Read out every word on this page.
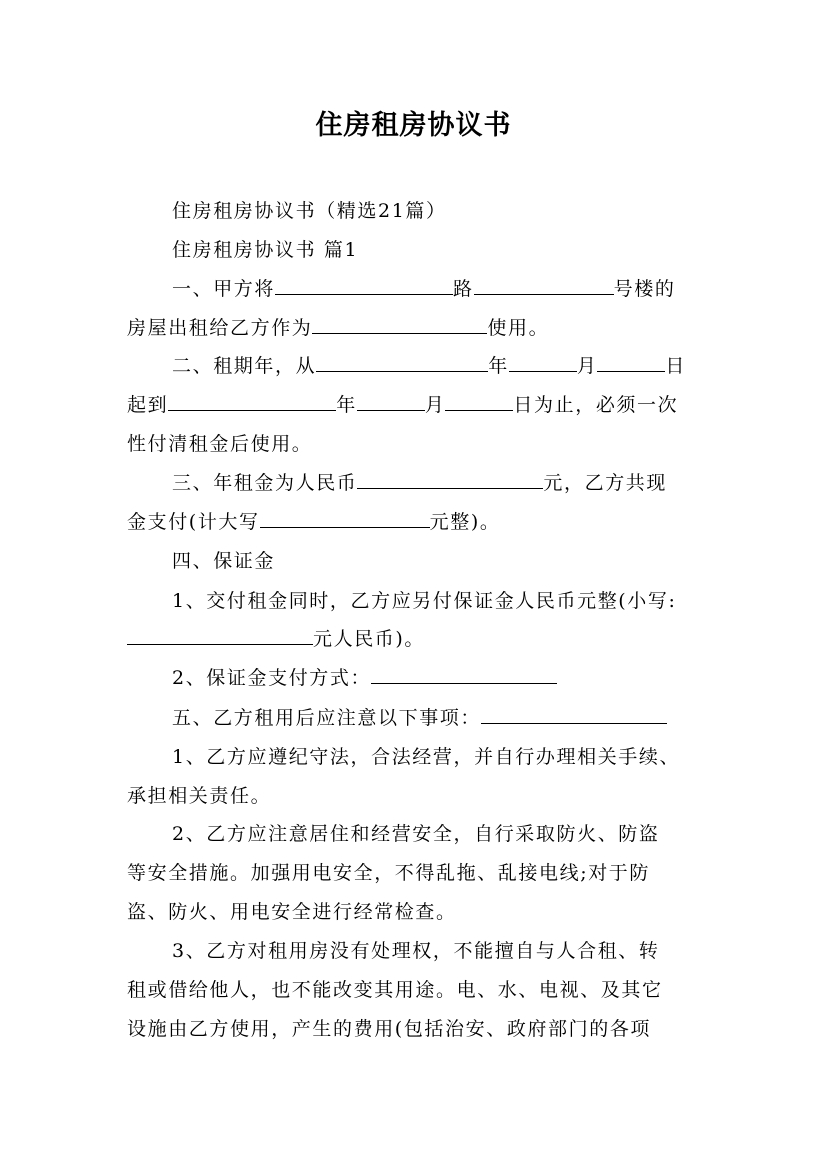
住房租房协议书
住房租房协议书（精选21篇）
住房租房协议书 篇1
一、甲方将	路	号楼的
房屋出租给乙方作为	使用。
二、租期年，从	年	月	日
起到	年	月	日为止，必须一次
性付清租金后使用。
三、年租金为人民币	元，乙方共现
金支付(计大写	元整)。
四、保证金
1、交付租金同时，乙方应另付保证金人民币元整(小写:
元人民币)。
2、保证金支付方式：
五、乙方租用后应注意以下事项：
1、乙方应遵纪守法，合法经营，并自行办理相关手续、
承担相关责任。
2、乙方应注意居住和经营安全，自行采取防火、防盗
等安全措施。加强用电安全，不得乱拖、乱接电线;对于防
盗、防火、用电安全进行经常检查。
3、乙方对租用房没有处理权，不能擅自与人合租、转
租或借给他人，也不能改变其用途。电、水、电视、及其它
设施由乙方使用，产生的费用(包括治安、政府部门的各项
